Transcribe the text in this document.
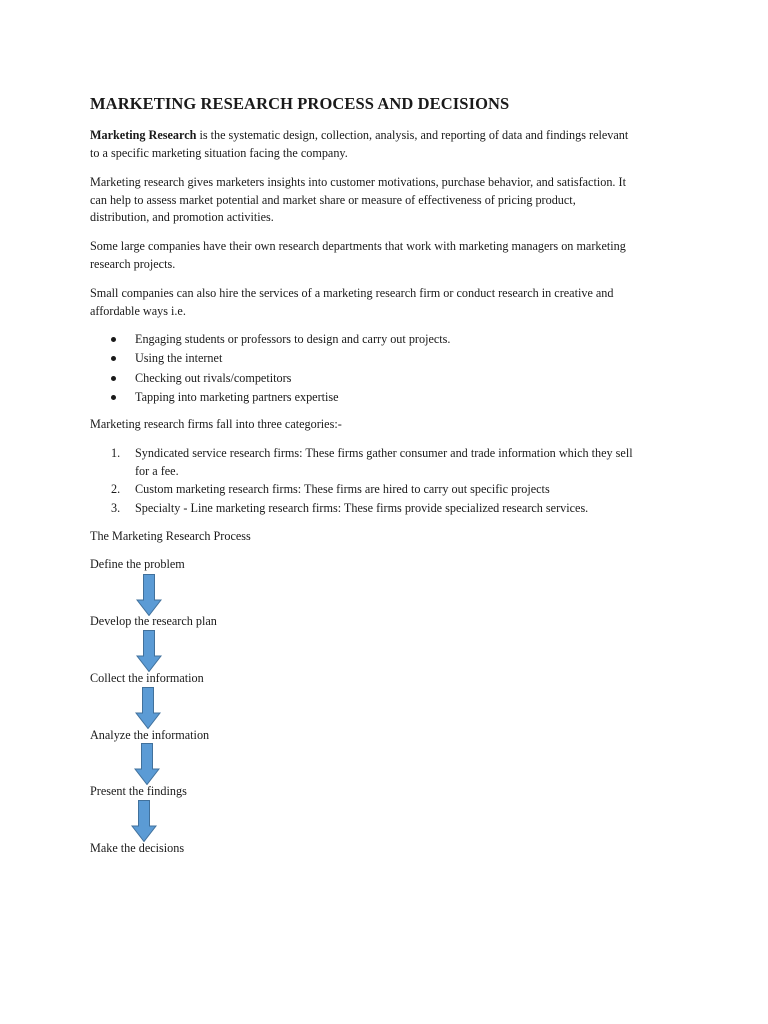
MARKETING RESEARCH PROCESS AND DECISIONS

Marketing Research is the systematic design, collection, analysis, and reporting of data and findings relevant
to a specific marketing situation facing the company.

Marketing research gives marketers insights into customer motivations, purchase behavior, and satisfaction. It
can help to assess market potential and market share or measure of effectiveness of pricing product,
distribution, and promotion activities.

Some large companies have their own research departments that work with marketing managers on marketing
research projects.

Small companies can also hire the services of a marketing research firm or conduct research in creative and
affordable ways i.e.

Engaging students or professors to design and carry out projects.
Using the internet
Checking out rivals/competitors
Tapping into marketing partners expertise

Marketing research firms fall into three categories:-

1. Syndicated service research firms: These firms gather consumer and trade information which they sell
for a fee.
2. Custom marketing research firms: These firms are hired to carry out specific projects
3. Specialty - Line marketing research firms: These firms provide specialized research services.

The Marketing Research Process

Define the problem

Develop the research plan

Collect the information

Analyze the information

Present the findings

Make the decisions
